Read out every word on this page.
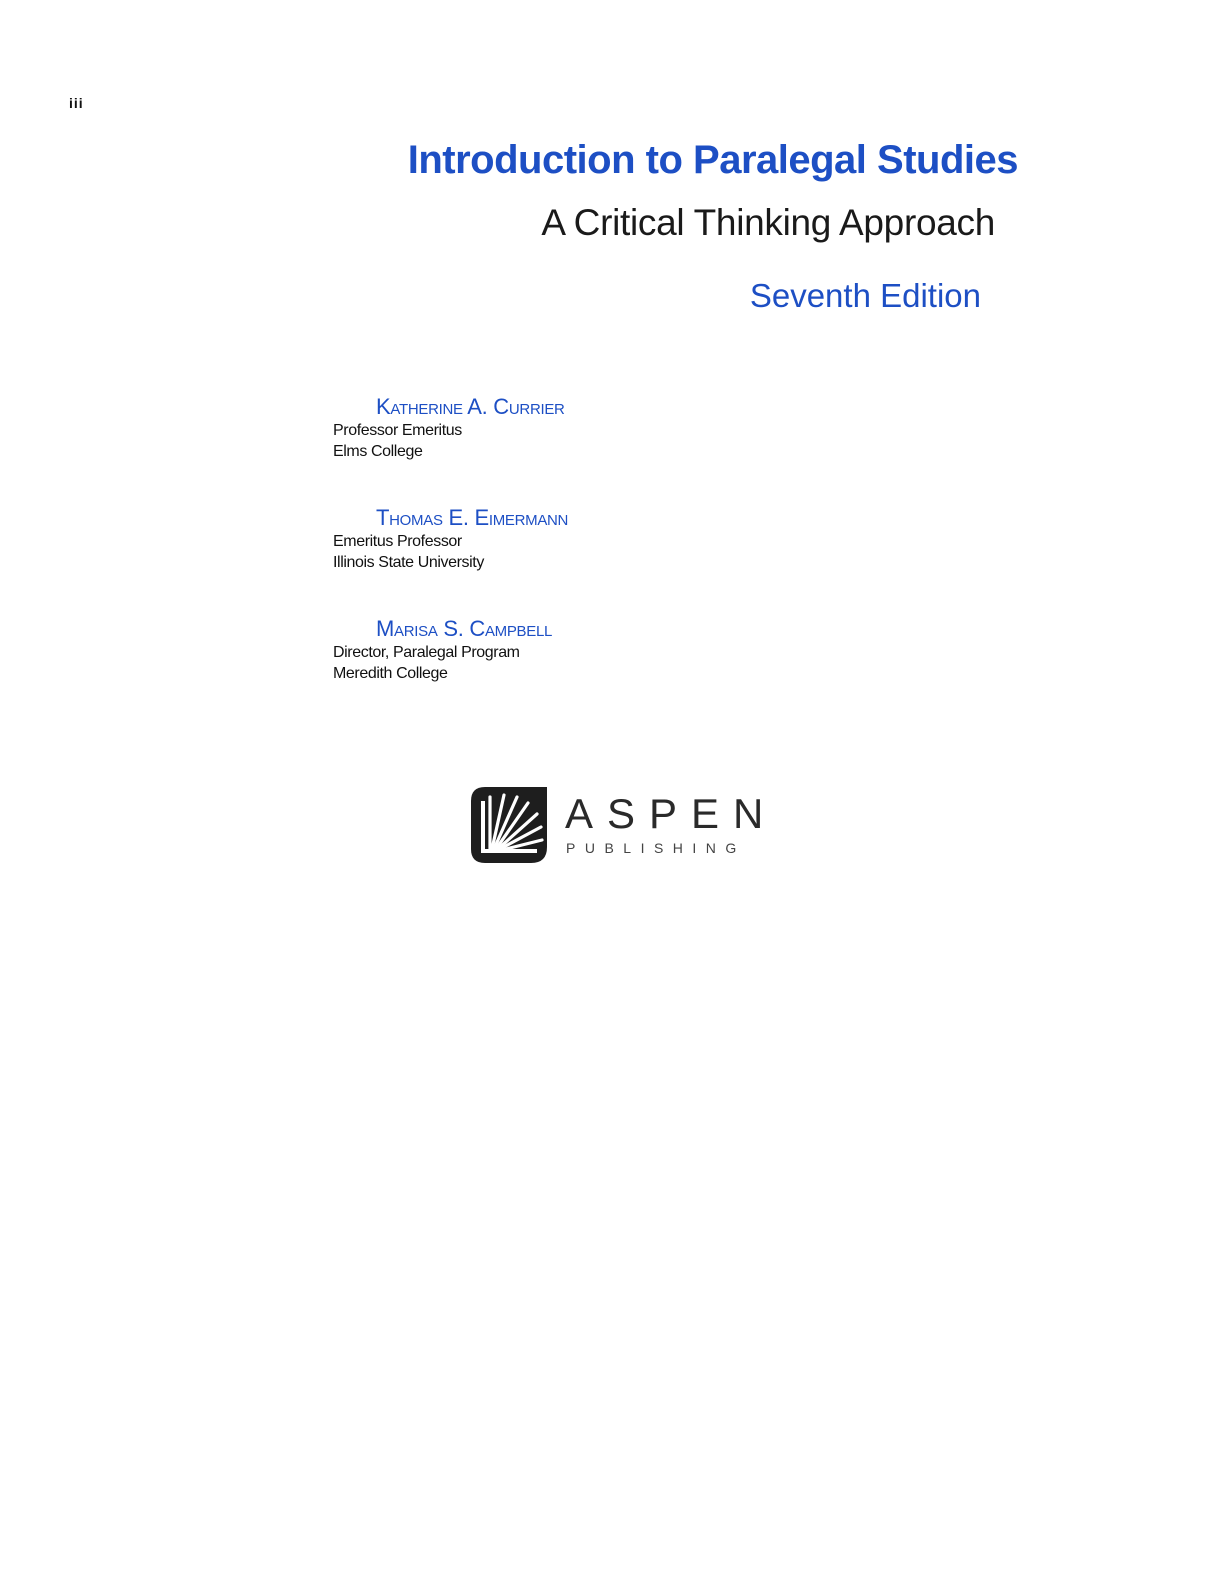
iii
Introduction to Paralegal Studies
A Critical Thinking Approach
Seventh Edition
Katherine A. Currier
Professor Emeritus
Elms College
Thomas E. Eimermann
Emeritus Professor
Illinois State University
Marisa S. Campbell
Director, Paralegal Program
Meredith College
ASPEN
PUBLISHING
